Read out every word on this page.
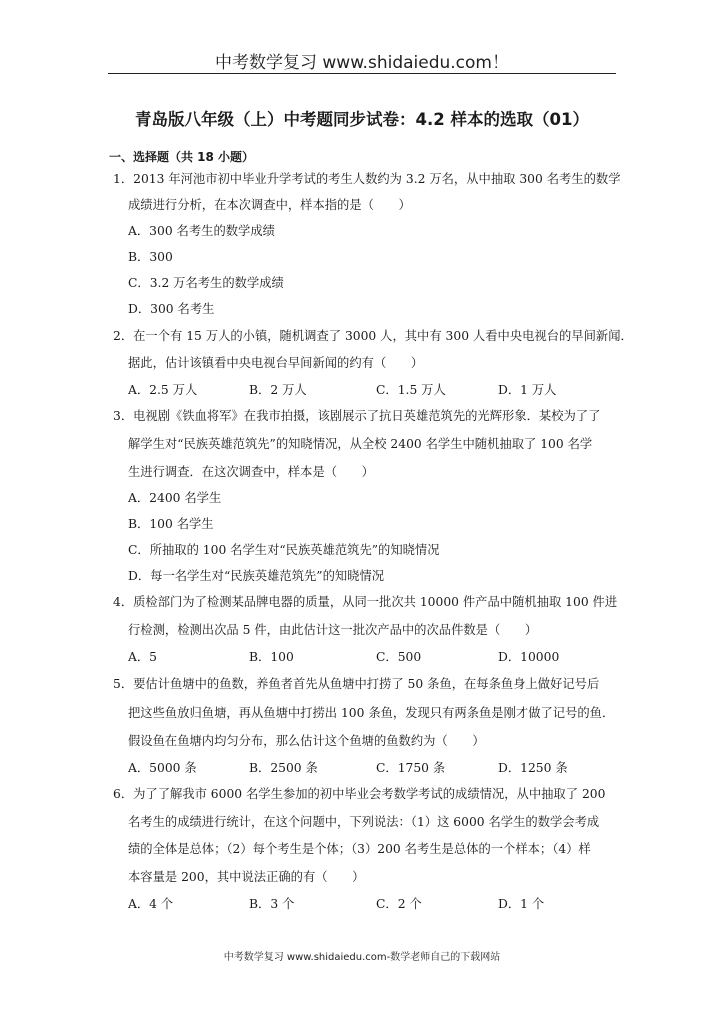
中考数学复习 www.shidaiedu.com！
青岛版八年级（上）中考题同步试卷：4.2 样本的选取（01）
一、选择题（共 18 小题）
1．2013 年河池市初中毕业升学考试的考生人数约为 3.2 万名，从中抽取 300 名考生的数学
成绩进行分析，在本次调查中，样本指的是（　　）
A．300 名考生的数学成绩
B．300
C．3.2 万名考生的数学成绩
D．300 名考生
2．在一个有 15 万人的小镇，随机调查了 3000 人，其中有 300 人看中央电视台的早间新闻．
据此，估计该镇看中央电视台早间新闻的约有（　　）
A．2.5 万人	B．2 万人	C．1.5 万人	D．1 万人
3．电视剧《铁血将军》在我市拍摄，该剧展示了抗日英雄范筑先的光辉形象．某校为了了
解学生对“民族英雄范筑先”的知晓情况，从全校 2400 名学生中随机抽取了 100 名学
生进行调查．在这次调查中，样本是（　　）
A．2400 名学生
B．100 名学生
C．所抽取的 100 名学生对“民族英雄范筑先”的知晓情况
D．每一名学生对“民族英雄范筑先”的知晓情况
4．质检部门为了检测某品牌电器的质量，从同一批次共 10000 件产品中随机抽取 100 件进
行检测，检测出次品 5 件，由此估计这一批次产品中的次品件数是（　　）
A．5	B．100	C．500	D．10000
5．要估计鱼塘中的鱼数，养鱼者首先从鱼塘中打捞了 50 条鱼，在每条鱼身上做好记号后
把这些鱼放归鱼塘，再从鱼塘中打捞出 100 条鱼，发现只有两条鱼是刚才做了记号的鱼．
假设鱼在鱼塘内均匀分布，那么估计这个鱼塘的鱼数约为（　　）
A．5000 条	B．2500 条	C．1750 条	D．1250 条
6．为了了解我市 6000 名学生参加的初中毕业会考数学考试的成绩情况，从中抽取了 200
名考生的成绩进行统计，在这个问题中，下列说法：（1）这 6000 名学生的数学会考成
绩的全体是总体；（2）每个考生是个体；（3）200 名考生是总体的一个样本；（4）样
本容量是 200，其中说法正确的有（　　）
A．4 个	B．3 个	C．2 个	D．1 个
中考数学复习 www.shidaiedu.com-数学老师自己的下载网站
